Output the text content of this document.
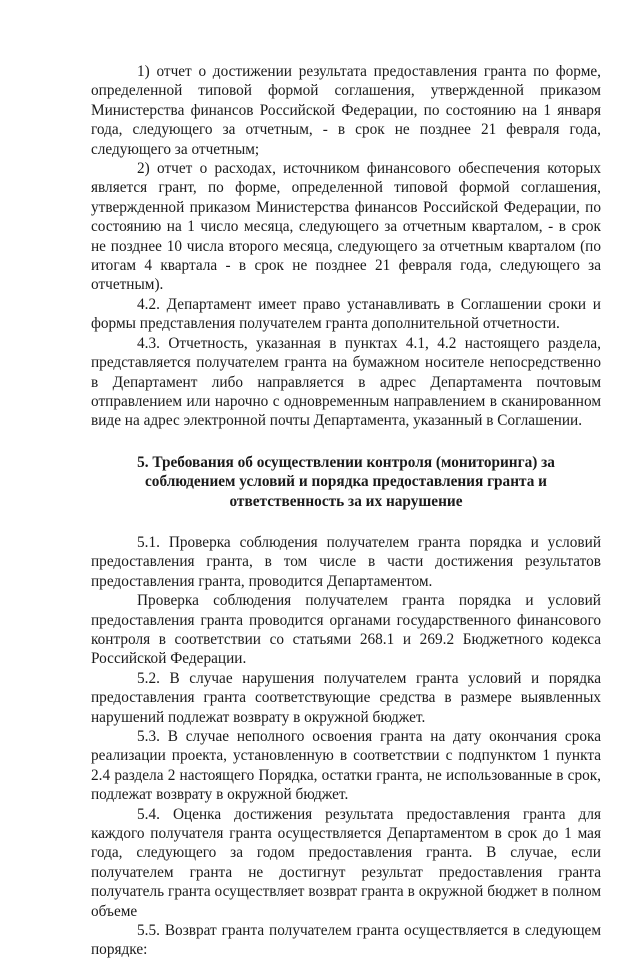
1) отчет о достижении результата предоставления гранта по форме, определенной типовой формой соглашения, утвержденной приказом Министерства финансов Российской Федерации, по состоянию на 1 января года, следующего за отчетным, - в срок не позднее 21 февраля года, следующего за отчетным;

2) отчет о расходах, источником финансового обеспечения которых является грант, по форме, определенной типовой формой соглашения, утвержденной приказом Министерства финансов Российской Федерации, по состоянию на 1 число месяца, следующего за отчетным кварталом, - в срок не позднее 10 числа второго месяца, следующего за отчетным кварталом (по итогам 4 квартала - в срок не позднее 21 февраля года, следующего за отчетным).

4.2. Департамент имеет право устанавливать в Соглашении сроки и формы представления получателем гранта дополнительной отчетности.

4.3. Отчетность, указанная в пунктах 4.1, 4.2 настоящего раздела, представляется получателем гранта на бумажном носителе непосредственно в Департамент либо направляется в адрес Департамента почтовым отправлением или нарочно с одновременным направлением в сканированном виде на адрес электронной почты Департамента, указанный в Соглашении.

5. Требования об осуществлении контроля (мониторинга) за соблюдением условий и порядка предоставления гранта и ответственность за их нарушение

5.1. Проверка соблюдения получателем гранта порядка и условий предоставления гранта, в том числе в части достижения результатов предоставления гранта, проводится Департаментом.

Проверка соблюдения получателем гранта порядка и условий предоставления гранта проводится органами государственного финансового контроля в соответствии со статьями 268.1 и 269.2 Бюджетного кодекса Российской Федерации.

5.2. В случае нарушения получателем гранта условий и порядка предоставления гранта соответствующие средства в размере выявленных нарушений подлежат возврату в окружной бюджет.

5.3. В случае неполного освоения гранта на дату окончания срока реализации проекта, установленную в соответствии с подпунктом 1 пункта 2.4 раздела 2 настоящего Порядка, остатки гранта, не использованные в срок, подлежат возврату в окружной бюджет.

5.4. Оценка достижения результата предоставления гранта для каждого получателя гранта осуществляется Департаментом в срок до 1 мая года, следующего за годом предоставления гранта. В случае, если получателем гранта не достигнут результат предоставления гранта получатель гранта осуществляет возврат гранта в окружной бюджет в полном объеме

5.5. Возврат гранта получателем гранта осуществляется в следующем порядке:
